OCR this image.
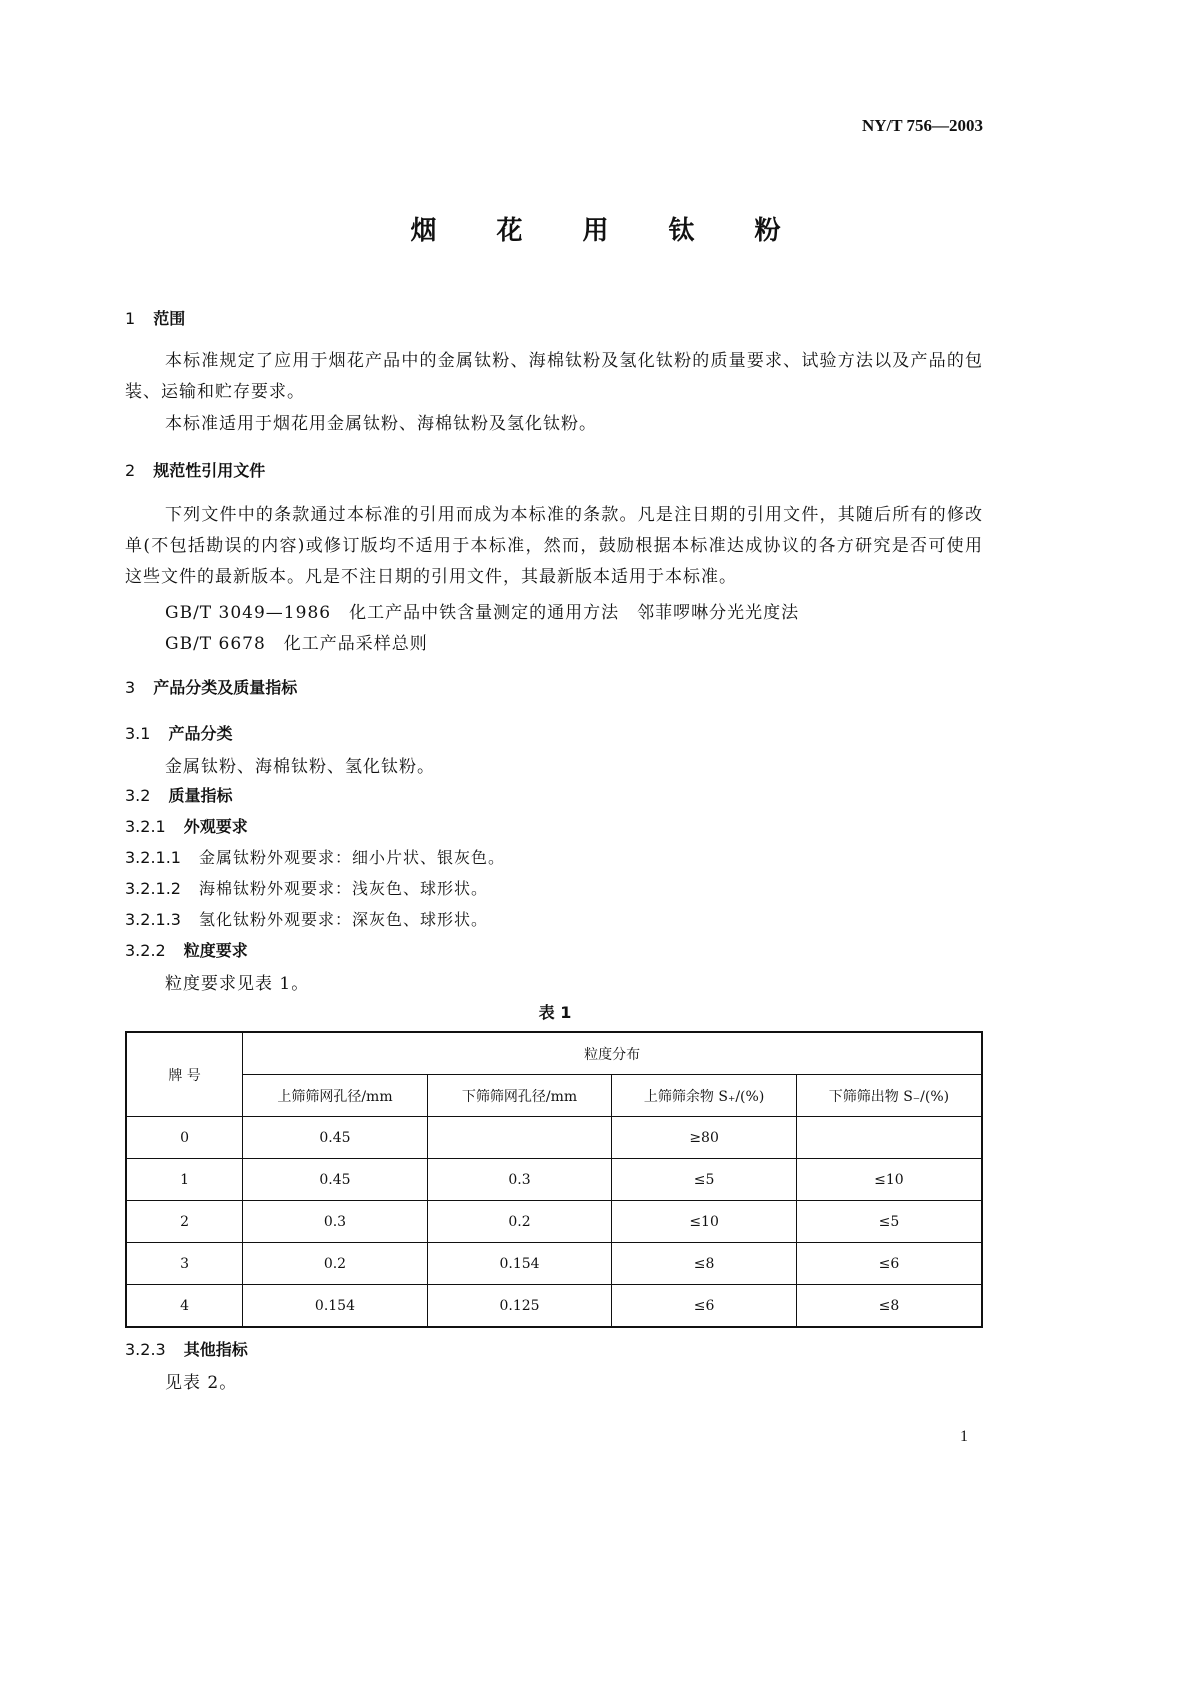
NY/T 756—2003
烟花用钛粉
1 范围
本标准规定了应用于烟花产品中的金属钛粉、海棉钛粉及氢化钛粉的质量要求、试验方法以及产品的包装、运输和贮存要求。
本标准适用于烟花用金属钛粉、海棉钛粉及氢化钛粉。
2 规范性引用文件
下列文件中的条款通过本标准的引用而成为本标准的条款。凡是注日期的引用文件，其随后所有的修改单(不包括勘误的内容)或修订版均不适用于本标准，然而，鼓励根据本标准达成协议的各方研究是否可使用这些文件的最新版本。凡是不注日期的引用文件，其最新版本适用于本标准。
GB/T 3049—1986　化工产品中铁含量测定的通用方法　邻菲啰啉分光光度法
GB/T 6678　化工产品采样总则
3 产品分类及质量指标
3.1 产品分类
金属钛粉、海棉钛粉、氢化钛粉。
3.2 质量指标
3.2.1 外观要求
3.2.1.1 金属钛粉外观要求：细小片状、银灰色。
3.2.1.2 海棉钛粉外观要求：浅灰色、球形状。
3.2.1.3 氢化钛粉外观要求：深灰色、球形状。
3.2.2 粒度要求
粒度要求见表 1。
表 1
牌 号	粒度分布			
	上筛筛网孔径/mm	下筛筛网孔径/mm	上筛筛余物 S₊/(%)	下筛筛出物 S₋/(%)
0	0.45		≥80	
1	0.45	0.3	≤5	≤10
2	0.3	0.2	≤10	≤5
3	0.2	0.154	≤8	≤6
4	0.154	0.125	≤6	≤8
3.2.3 其他指标
见表 2。
1
